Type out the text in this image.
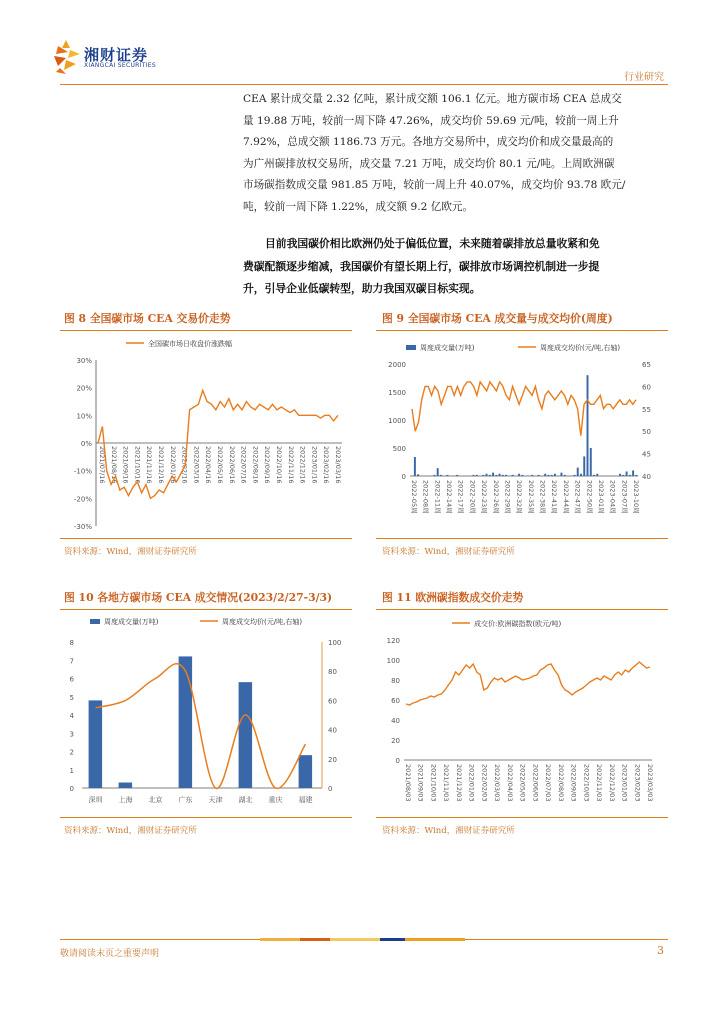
湘财证券
XIANGCAI SECURITIES
行业研究
CEA 累计成交量 2.32 亿吨，累计成交额 106.1 亿元。地方碳市场 CEA 总成交
量 19.88 万吨，较前一周下降 47.26%，成交均价 59.69 元/吨，较前一周上升
7.92%，总成交额 1186.73 万元。各地方交易所中，成交均价和成交量最高的
为广州碳排放权交易所，成交量 7.21 万吨，成交均价 80.1 元/吨。上周欧洲碳
市场碳指数成交量 981.85 万吨，较前一周上升 40.07%，成交均价 93.78 欧元/
吨，较前一周下降 1.22%，成交额 9.2 亿欧元。
目前我国碳价相比欧洲仍处于偏低位置，未来随着碳排放总量收紧和免
费碳配额逐步缩减，我国碳价有望长期上行，碳排放市场调控机制进一步提
升，引导企业低碳转型，助力我国双碳目标实现。
图 8 全国碳市场 CEA 交易价走势
全国碳市场日收盘价涨跌幅
30%
20%
10%
0%
-10%
-20%
-30%
2021/07/16 2021/08/16 2021/09/16 2021/10/16 2021/11/16 2021/12/16 2022/01/16 2022/02/16 2022/03/16 2022/04/16 2022/05/16 2022/06/16 2022/07/16 2022/08/16 2022/09/16 2022/10/16 2022/11/16 2022/12/16 2023/01/16 2023/02/16 2023/03/16
资料来源：Wind，湘财证券研究所
图 9 全国碳市场 CEA 成交量与成交均价(周度)
周度成交量(万吨)	周度成交均价(元/吨,右轴)
2000
1500
1000
500
0
65
60
55
50
45
40
2022-05周 2022-08周 2022-11周 2022-14周 2022-17周 2022-20周 2022-23周 2022-26周 2022-29周 2022-32周 2022-35周 2022-38周 2022-41周 2022-44周 2022-47周 2022-50周 2023-01周 2023-04周 2023-07周 2023-10周
资料来源：Wind，湘财证券研究所
图 10 各地方碳市场 CEA 成交情况(2023/2/27-3/3)
周度成交量(万吨)	周度成交均价(元/吨,右轴)
8
7
6
5
4
3
2
1
0
100
80
60
40
20
0
深圳 上海 北京 广东 天津 湖北 重庆 福建
资料来源：Wind，湘财证券研究所
图 11 欧洲碳指数成交价走势
成交价:欧洲碳指数(欧元/吨)
120
100
80
60
40
20
0
2021/08/03 2021/09/03 2021/10/03 2021/11/03 2021/12/03 2022/01/03 2022/02/03 2022/03/03 2022/04/03 2022/05/03 2022/06/03 2022/07/03 2022/08/03 2022/09/03 2022/10/03 2022/11/03 2022/12/03 2023/01/03 2023/02/03 2023/03/03
资料来源：Wind，湘财证券研究所
敬请阅读末页之重要声明	3
